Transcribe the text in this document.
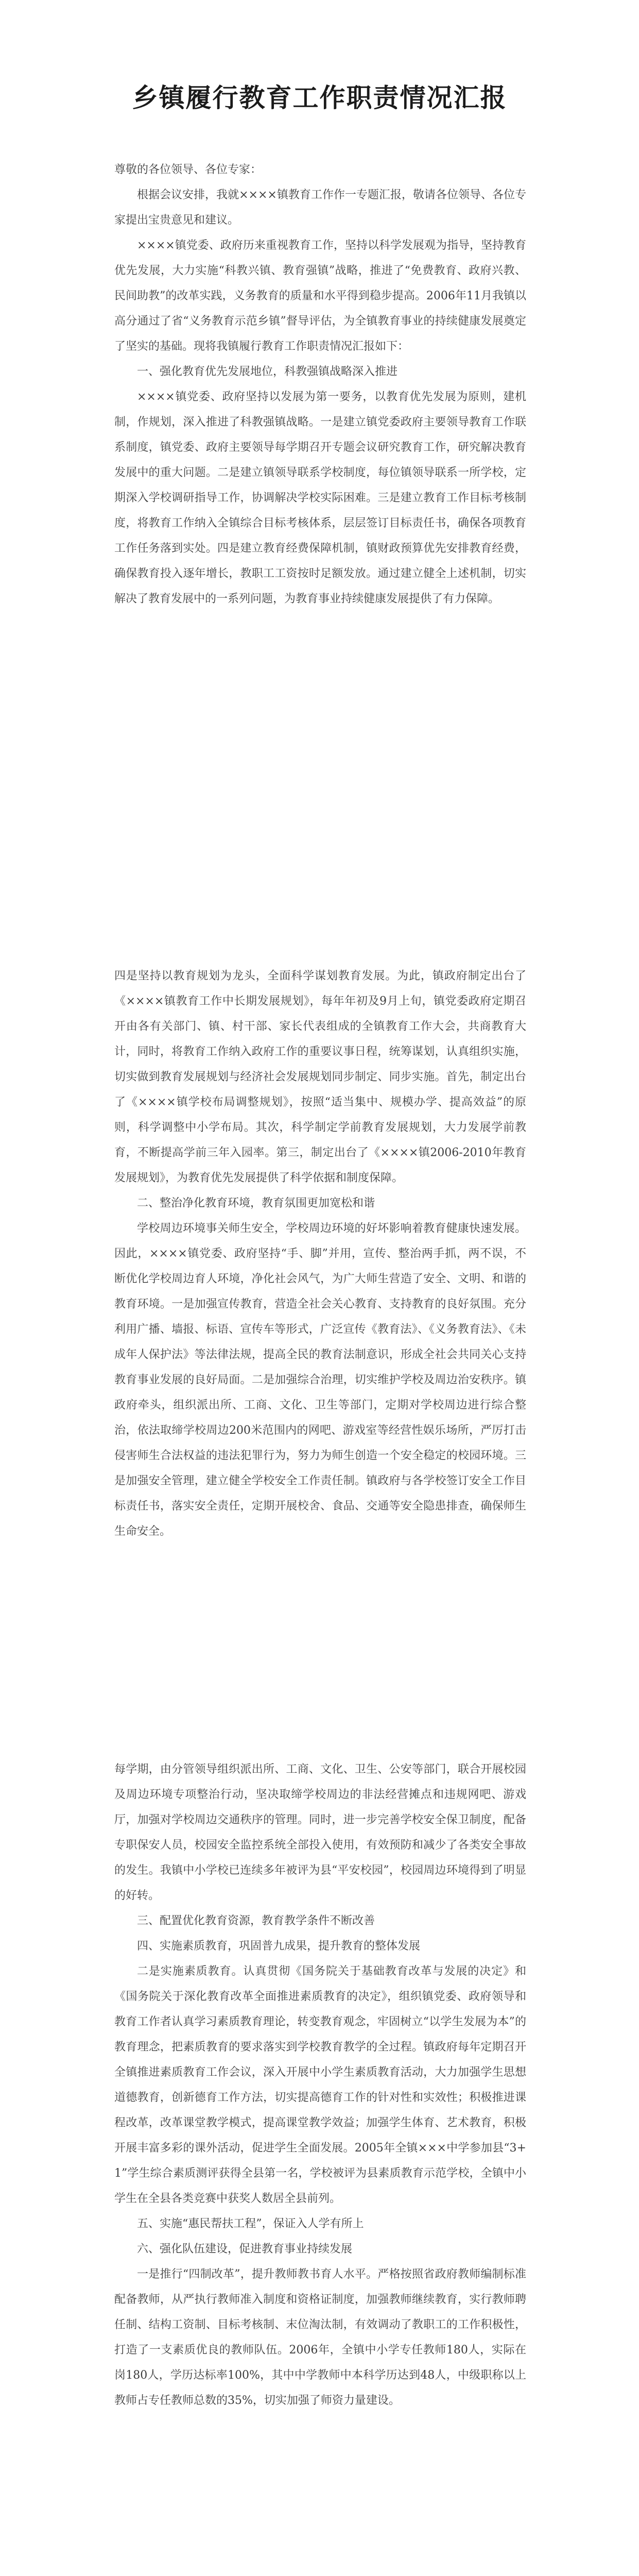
乡镇履行教育工作职责情况汇报

尊敬的各位领导、各位专家：

根据会议安排，我就××××镇教育工作作一专题汇报，敬请各位领导、各位专家提出宝贵意见和建议。

××××镇党委、政府历来重视教育工作，坚持以科学发展观为指导，坚持教育优先发展，大力实施“科教兴镇、教育强镇”战略，推进了“免费教育、政府兴教、民间助教”的改革实践，义务教育的质量和水平得到稳步提高。2006年11月我镇以高分通过了省“义务教育示范乡镇”督导评估，为全镇教育事业的持续健康发展奠定了坚实的基础。现将我镇履行教育工作职责情况汇报如下：

一、强化教育优先发展地位，科教强镇战略深入推进

××××镇党委、政府坚持以发展为第一要务，以教育优先发展为原则，建机制，作规划，深入推进了科教强镇战略。一是建立镇党委政府主要领导教育工作联系制度，镇党委、政府主要领导每学期召开专题会议研究教育工作，研究解决教育发展中的重大问题。二是建立镇领导联系学校制度，每位镇领导联系一所学校，定期深入学校调研指导工作，协调解决学校实际困难。三是建立教育工作目标考核制度，将教育工作纳入全镇综合目标考核体系，层层签订目标责任书，确保各项教育工作任务落到实处。四是建立教育经费保障机制，镇财政预算优先安排教育经费，确保教育投入逐年增长，教职工工资按时足额发放。通过建立健全上述机制，切实解决了教育发展中的一系列问题，为教育事业持续健康发展提供了有力保障。

四是坚持以教育规划为龙头，全面科学谋划教育发展。为此，镇政府制定出台了《××××镇教育工作中长期发展规划》，每年年初及9月上旬，镇党委政府定期召开由各有关部门、镇、村干部、家长代表组成的全镇教育工作大会，共商教育大计，同时，将教育工作纳入政府工作的重要议事日程，统筹谋划，认真组织实施，切实做到教育发展规划与经济社会发展规划同步制定、同步实施。首先，制定出台了《××××镇学校布局调整规划》，按照“适当集中、规模办学、提高效益”的原则，科学调整中小学布局。其次，科学制定学前教育发展规划，大力发展学前教育，不断提高学前三年入园率。第三，制定出台了《××××镇2006-2010年教育发展规划》，为教育优先发展提供了科学依据和制度保障。

二、整治净化教育环境，教育氛围更加宽松和谐

学校周边环境事关师生安全，学校周边环境的好坏影响着教育健康快速发展。因此，××××镇党委、政府坚持“手、脚”并用，宣传、整治两手抓，两不误，不断优化学校周边育人环境，净化社会风气，为广大师生营造了安全、文明、和谐的教育环境。一是加强宣传教育，营造全社会关心教育、支持教育的良好氛围。充分利用广播、墙报、标语、宣传车等形式，广泛宣传《教育法》、《义务教育法》、《未成年人保护法》等法律法规，提高全民的教育法制意识，形成全社会共同关心支持教育事业发展的良好局面。二是加强综合治理，切实维护学校及周边治安秩序。镇政府牵头，组织派出所、工商、文化、卫生等部门，定期对学校周边进行综合整治，依法取缔学校周边200米范围内的网吧、游戏室等经营性娱乐场所，严厉打击侵害师生合法权益的违法犯罪行为，努力为师生创造一个安全稳定的校园环境。三是加强安全管理，建立健全学校安全工作责任制。镇政府与各学校签订安全工作目标责任书，落实安全责任，定期开展校舍、食品、交通等安全隐患排查，确保师生生命安全。

每学期，由分管领导组织派出所、工商、文化、卫生、公安等部门，联合开展校园及周边环境专项整治行动，坚决取缔学校周边的非法经营摊点和违规网吧、游戏厅，加强对学校周边交通秩序的管理。同时，进一步完善学校安全保卫制度，配备专职保安人员，校园安全监控系统全部投入使用，有效预防和减少了各类安全事故的发生。我镇中小学校已连续多年被评为县“平安校园”，校园周边环境得到了明显的好转。

三、配置优化教育资源，教育教学条件不断改善

四、实施素质教育，巩固普九成果，提升教育的整体发展

二是实施素质教育。认真贯彻《国务院关于基础教育改革与发展的决定》和《国务院关于深化教育改革全面推进素质教育的决定》，组织镇党委、政府领导和教育工作者认真学习素质教育理论，转变教育观念，牢固树立“以学生发展为本”的教育理念，把素质教育的要求落实到学校教育教学的全过程。镇政府每年定期召开全镇推进素质教育工作会议，深入开展中小学生素质教育活动，大力加强学生思想道德教育，创新德育工作方法，切实提高德育工作的针对性和实效性；积极推进课程改革，改革课堂教学模式，提高课堂教学效益；加强学生体育、艺术教育，积极开展丰富多彩的课外活动，促进学生全面发展。2005年全镇×××中学参加县“3+1”学生综合素质测评获得全县第一名，学校被评为县素质教育示范学校，全镇中小学生在全县各类竞赛中获奖人数居全县前列。

五、实施“惠民帮扶工程”，保证入人学有所上

六、强化队伍建设，促进教育事业持续发展

一是推行“四制改革”，提升教师教书育人水平。严格按照省政府教师编制标准配备教师，从严执行教师准入制度和资格证制度，加强教师继续教育，实行教师聘任制、结构工资制、目标考核制、末位淘汰制，有效调动了教职工的工作积极性，打造了一支素质优良的教师队伍。2006年，全镇中小学专任教师180人，实际在岗180人，学历达标率100%，其中中学教师中本科学历达到48人，中级职称以上教师占专任教师总数的35%，切实加强了师资力量建设。
